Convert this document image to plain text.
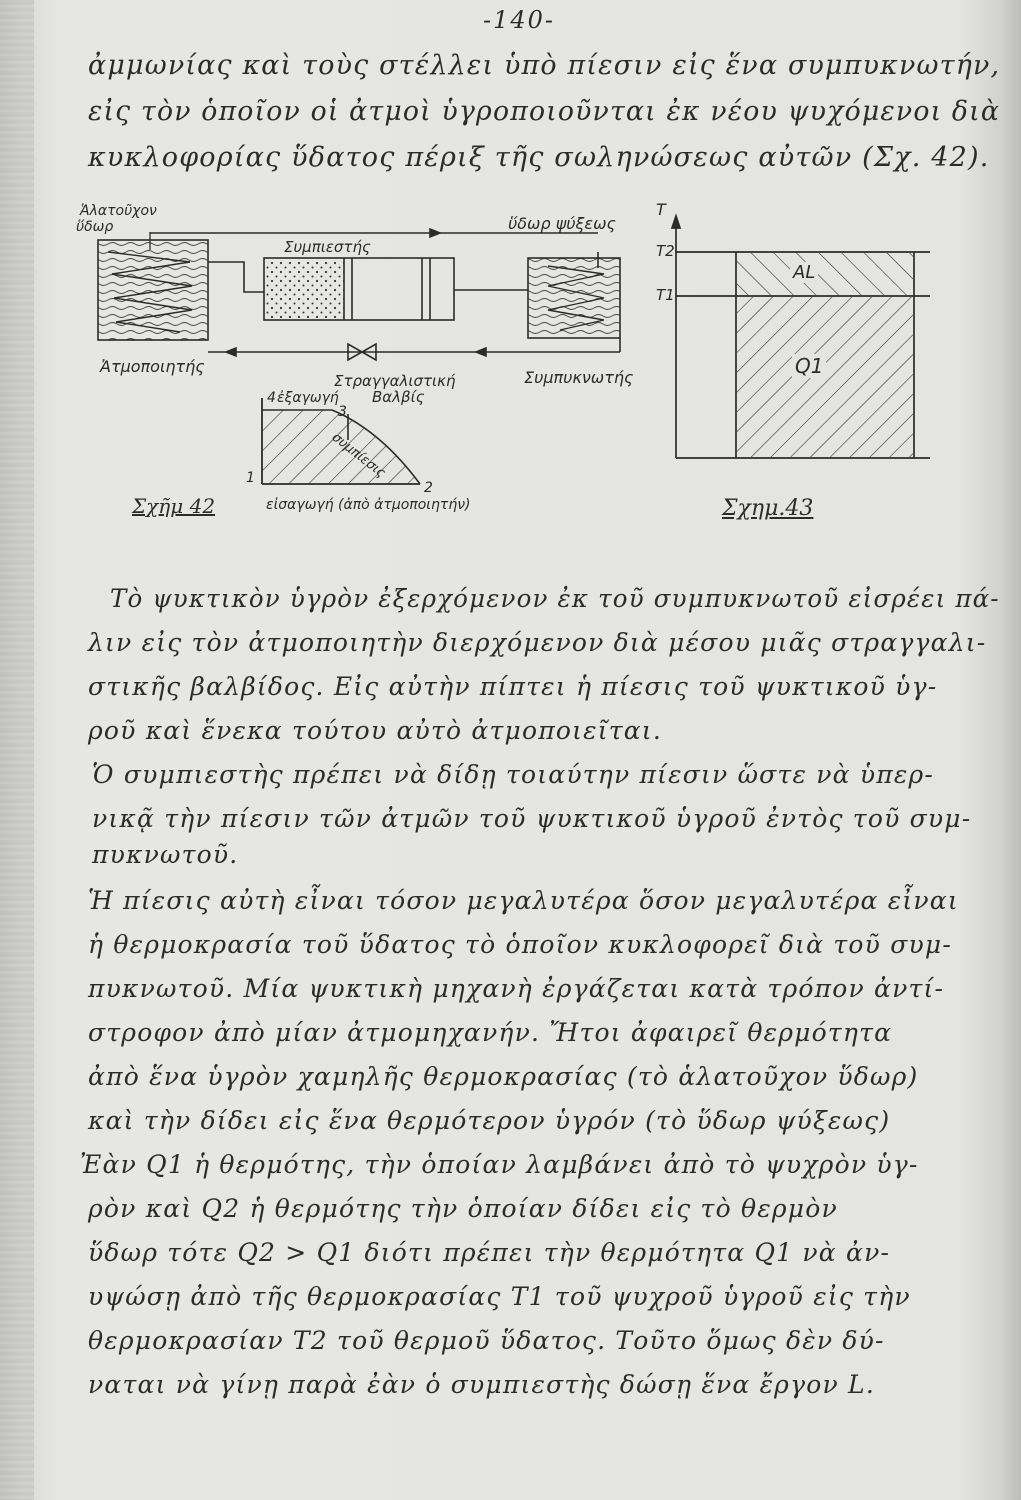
-140-
ἀμμωνίας καὶ τοὺς στέλλει ὑπὸ πίεσιν εἰς ἕνα συμπυκνωτήν,
εἰς τὸν ὁποῖον οἱ ἀτμοὶ ὑγροποιοῦνται ἐκ νέου ψυχόμενοι διὰ
κυκλοφορίας ὕδατος πέριξ τῆς σωληνώσεως αὐτῶν (Σχ. 42).
Ἁλατοῦχον
ὕδωρ
Συμπιεστής
ὕδωρ ψύξεως
Ἀτμοποιητής
Στραγγαλιστική
Βαλβίς
Συμπυκνωτής
4 ἐξαγωγή
3
συμπίεσις
1
2
εἰσαγωγή (ἀπὸ ἀτμοποιητήν)
Σχῆμ 42
T
T2
T1
AL
Q1
Σχημ.43
Τὸ ψυκτικὸν ὑγρὸν ἐξερχόμενον ἐκ τοῦ συμπυκνωτοῦ εἰσρέει πά-
λιν εἰς τὸν ἀτμοποιητὴν διερχόμενον διὰ μέσου μιᾶς στραγγαλι-
στικῆς βαλβίδος. Εἰς αὐτὴν πίπτει ἡ πίεσις τοῦ ψυκτικοῦ ὑγ-
ροῦ καὶ ἕνεκα τούτου αὐτὸ ἀτμοποιεῖται.
Ὁ συμπιεστὴς πρέπει νὰ δίδῃ τοιαύτην πίεσιν ὥστε νὰ ὑπερ-
νικᾷ τὴν πίεσιν τῶν ἀτμῶν τοῦ ψυκτικοῦ ὑγροῦ ἐντὸς τοῦ συμ-
πυκνωτοῦ.
Ἡ πίεσις αὐτὴ εἶναι τόσον μεγαλυτέρα ὅσον μεγαλυτέρα εἶναι
ἡ θερμοκρασία τοῦ ὕδατος τὸ ὁποῖον κυκλοφορεῖ διὰ τοῦ συμ-
πυκνωτοῦ. Μία ψυκτικὴ μηχανὴ ἐργάζεται κατὰ τρόπον ἀντί-
στροφον ἀπὸ μίαν ἀτμομηχανήν. Ἤτοι ἀφαιρεῖ θερμότητα
ἀπὸ ἕνα ὑγρὸν χαμηλῆς θερμοκρασίας (τὸ ἁλατοῦχον ὕδωρ)
καὶ τὴν δίδει εἰς ἕνα θερμότερον ὑγρόν (τὸ ὕδωρ ψύξεως)
Ἐὰν Q1 ἡ θερμότης, τὴν ὁποίαν λαμβάνει ἀπὸ τὸ ψυχρὸν ὑγ-
ρὸν καὶ Q2 ἡ θερμότης τὴν ὁποίαν δίδει εἰς τὸ θερμὸν
ὕδωρ τότε Q2 > Q1 διότι πρέπει τὴν θερμότητα Q1 νὰ ἀν-
υψώσῃ ἀπὸ τῆς θερμοκρασίας T1 τοῦ ψυχροῦ ὑγροῦ εἰς τὴν
θερμοκρασίαν T2 τοῦ θερμοῦ ὕδατος. Τοῦτο ὅμως δὲν δύ-
ναται νὰ γίνῃ παρὰ ἐὰν ὁ συμπιεστὴς δώσῃ ἕνα ἔργον L.
